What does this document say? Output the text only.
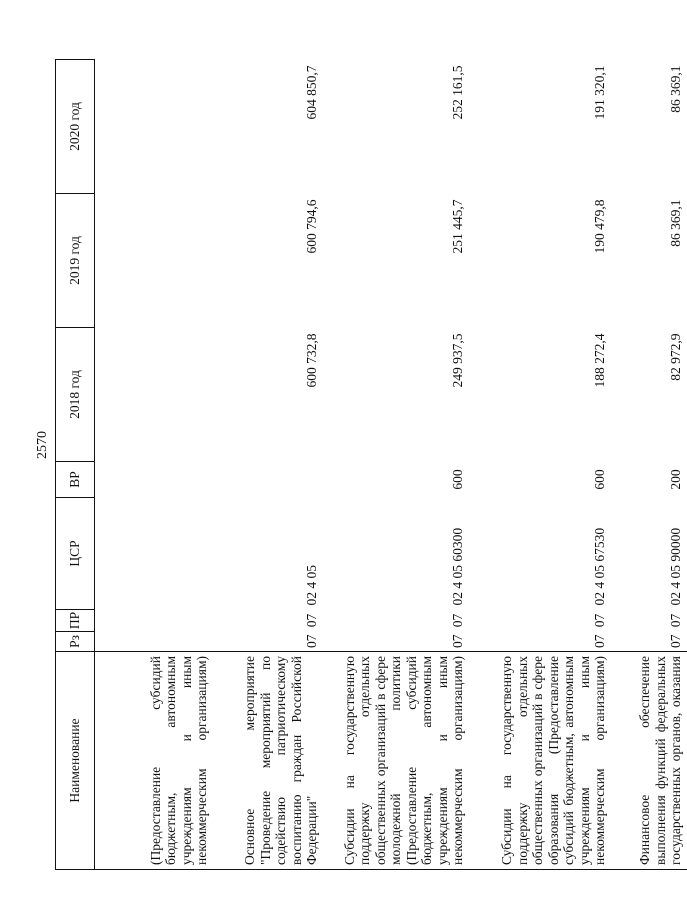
2570
Наименование	Рз	ПР	ЦСР	ВР	2018 год	2019 год	2020 год
(Предоставление субсидий бюджетным, автономным учреждениям и иным некоммерческим организациям)							
Основное мероприятие "Проведение мероприятий по содействию патриотическому воспитанию граждан Российской Федерации"	07	07	02 4 05		600 732,8	600 794,6	604 850,7
Субсидии на государственную поддержку отдельных общественных организаций в сфере молодежной политики (Предоставление субсидий бюджетным, автономным учреждениям и иным некоммерческим организациям)	07	07	02 4 05 60300	600	249 937,5	251 445,7	252 161,5
Субсидии на государственную поддержку отдельных общественных организаций в сфере образования (Предоставление субсидий бюджетным, автономным учреждениям и иным некоммерческим организациям)	07	07	02 4 05 67530	600	188 272,4	190 479,8	191 320,1
Финансовое обеспечение выполнения функций федеральных государственных органов, оказания	07	07	02 4 05 90000	200	82 972,9	86 369,1	86 369,1
